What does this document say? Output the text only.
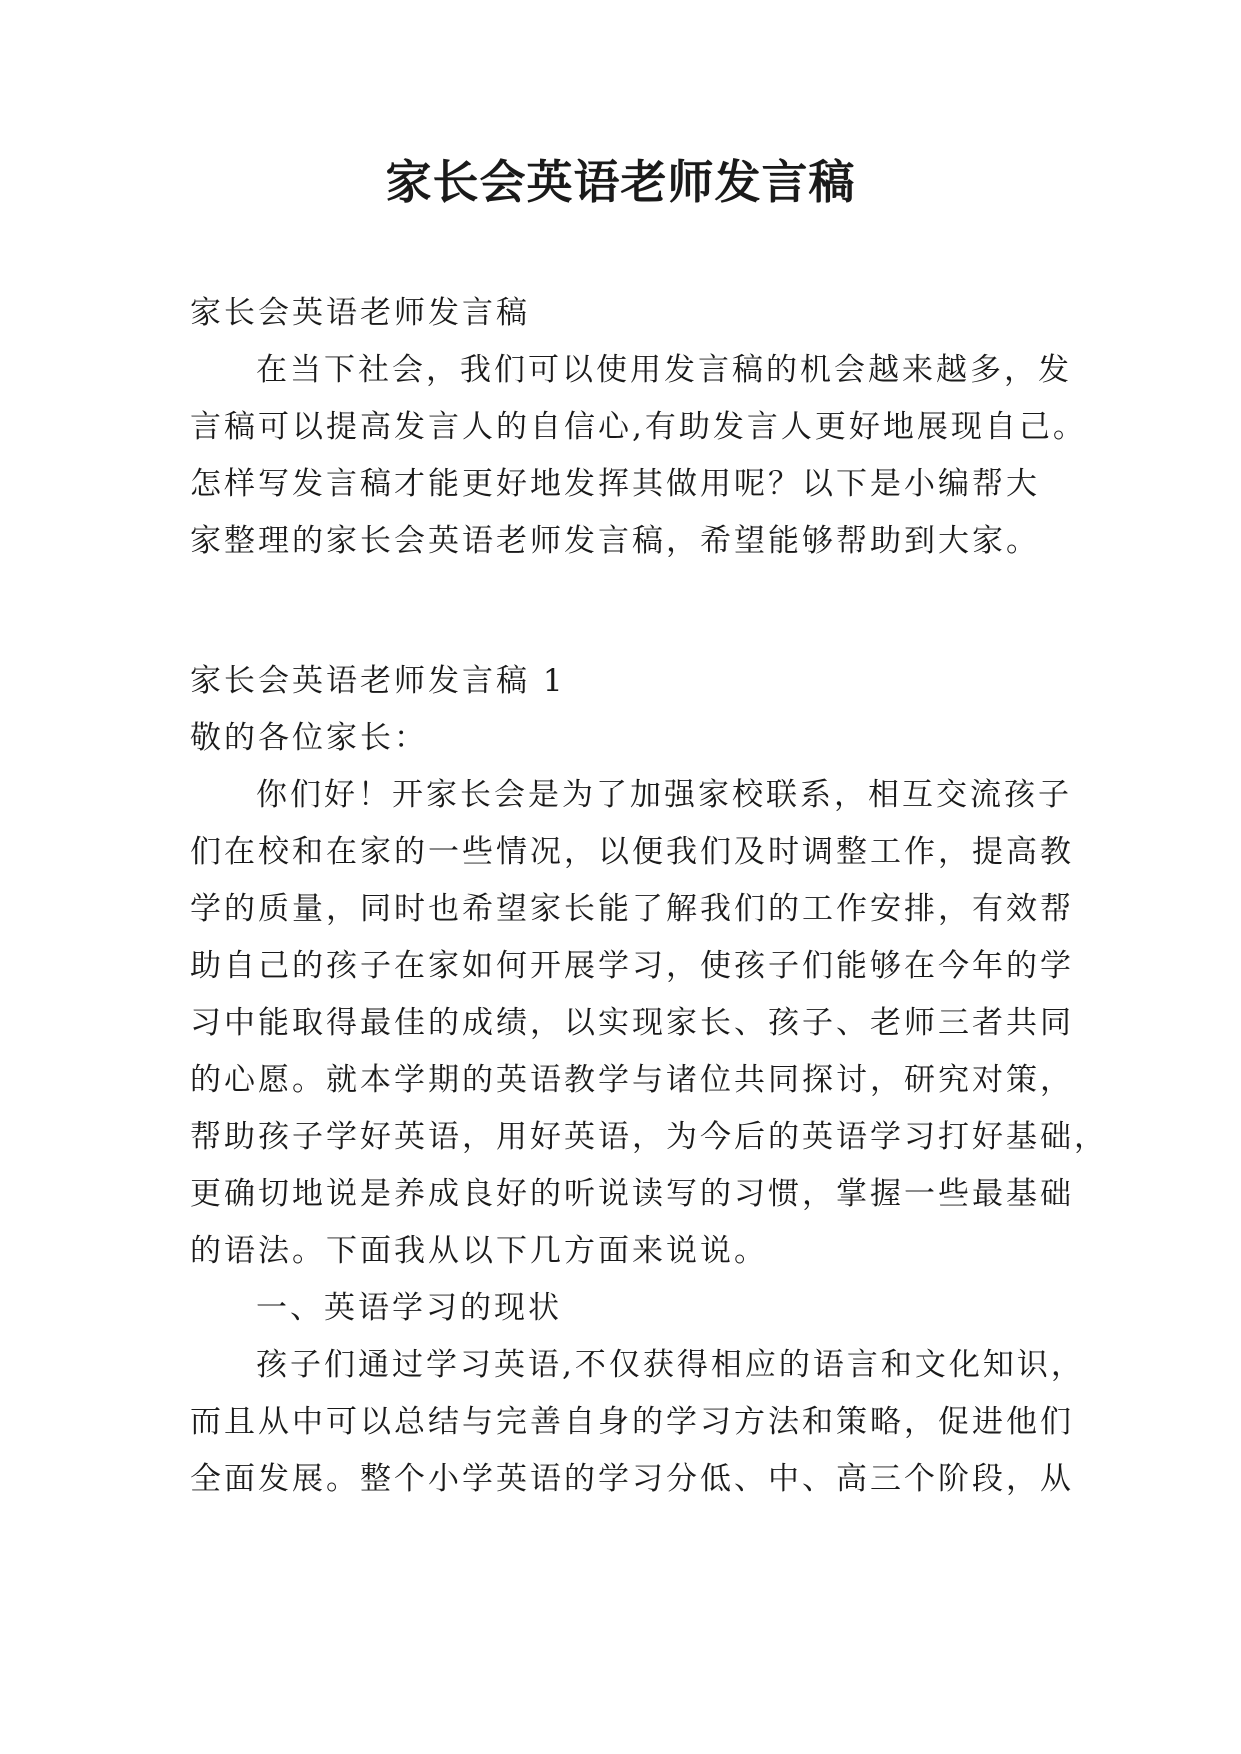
家长会英语老师发言稿

家长会英语老师发言稿

在当下社会，我们可以使用发言稿的机会越来越多，发

言稿可以提高发言人的自信心,有助发言人更好地展现自己。

怎样写发言稿才能更好地发挥其做用呢？以下是小编帮大

家整理的家长会英语老师发言稿，希望能够帮助到大家。

家长会英语老师发言稿 1

敬的各位家长：

你们好！开家长会是为了加强家校联系，相互交流孩子

们在校和在家的一些情况，以便我们及时调整工作，提高教

学的质量，同时也希望家长能了解我们的工作安排，有效帮

助自己的孩子在家如何开展学习，使孩子们能够在今年的学

习中能取得最佳的成绩，以实现家长、孩子、老师三者共同

的心愿。就本学期的英语教学与诸位共同探讨，研究对策，

帮助孩子学好英语，用好英语，为今后的英语学习打好基础，

更确切地说是养成良好的听说读写的习惯，掌握一些最基础

的语法。下面我从以下几方面来说说。

一、英语学习的现状

孩子们通过学习英语,不仅获得相应的语言和文化知识，

而且从中可以总结与完善自身的学习方法和策略，促进他们

全面发展。整个小学英语的学习分低、中、高三个阶段，从
